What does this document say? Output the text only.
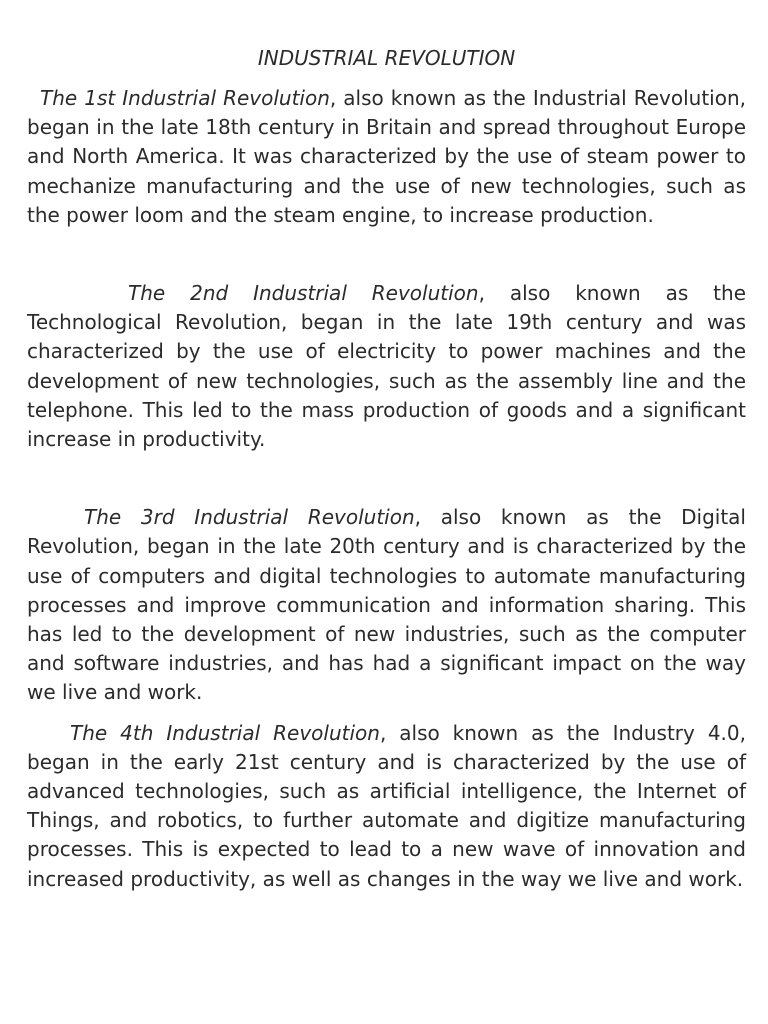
INDUSTRIAL REVOLUTION

The 1st Industrial Revolution, also known as the Industrial Revolution, began in the late 18th century in Britain and spread throughout Europe and North America. It was characterized by the use of steam power to mechanize manufacturing and the use of new technologies, such as the power loom and the steam engine, to increase production.

The 2nd Industrial Revolution, also known as the Technological Revolution, began in the late 19th century and was characterized by the use of electricity to power machines and the development of new technologies, such as the assembly line and the telephone. This led to the mass production of goods and a significant increase in productivity.

The 3rd Industrial Revolution, also known as the Digital Revolution, began in the late 20th century and is characterized by the use of computers and digital technologies to automate manufacturing processes and improve communication and information sharing. This has led to the development of new industries, such as the computer and software industries, and has had a significant impact on the way we live and work.

The 4th Industrial Revolution, also known as the Industry 4.0, began in the early 21st century and is characterized by the use of advanced technologies, such as artificial intelligence, the Internet of Things, and robotics, to further automate and digitize manufacturing processes. This is expected to lead to a new wave of innovation and increased productivity, as well as changes in the way we live and work.
